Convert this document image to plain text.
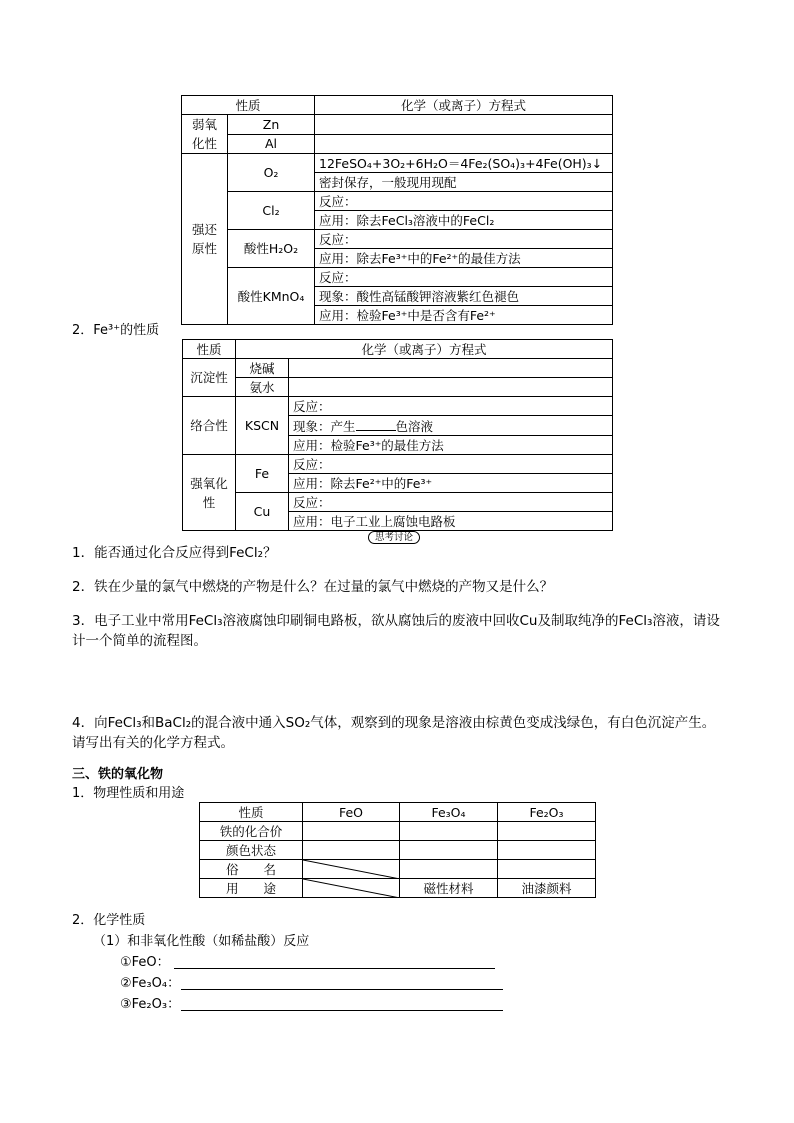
性质		化学（或离子）方程式
弱氧化性	Zn	
	Al	
强还原性	O₂	12FeSO₄+3O₂+6H₂O＝4Fe₂(SO₄)₃+4Fe(OH)₃↓
		密封保存，一般现用现配
	Cl₂	反应：
		应用：除去FeCl₃溶液中的FeCl₂
	酸性H₂O₂	反应：
		应用：除去Fe³⁺中的Fe²⁺的最佳方法
	酸性KMnO₄	反应：
		现象：酸性高锰酸钾溶液紫红色褪色
		应用：检验Fe³⁺中是否含有Fe²⁺
2．Fe³⁺的性质
性质	化学（或离子）方程式	
沉淀性	烧碱	
	氨水	
络合性	KSCN	反应：
		现象：产生 色溶液
		应用：检验Fe³⁺的最佳方法
强氧化性	Fe	反应：
		应用：除去Fe²⁺中的Fe³⁺
	Cu	反应：
		应用：电子工业上腐蚀电路板
思考讨论
1．能否通过化合反应得到FeCl₂？
2．铁在少量的氯气中燃烧的产物是什么？在过量的氯气中燃烧的产物又是什么？
3．电子工业中常用FeCl₃溶液腐蚀印刷铜电路板，欲从腐蚀后的废液中回收Cu及制取纯净的FeCl₃溶液，请设计一个简单的流程图。
4．向FeCl₃和BaCl₂的混合液中通入SO₂气体，观察到的现象是溶液由棕黄色变成浅绿色，有白色沉淀产生。请写出有关的化学方程式。
三、铁的氧化物
1．物理性质和用途
性质	FeO	Fe₃O₄	Fe₂O₃
铁的化合价			
颜色状态			
俗　　名	

用　　途		磁性材料	油漆颜料
2．化学性质
（1）和非氧化性酸（如稀盐酸）反应
①FeO：
②Fe₃O₄：
③Fe₂O₃：
